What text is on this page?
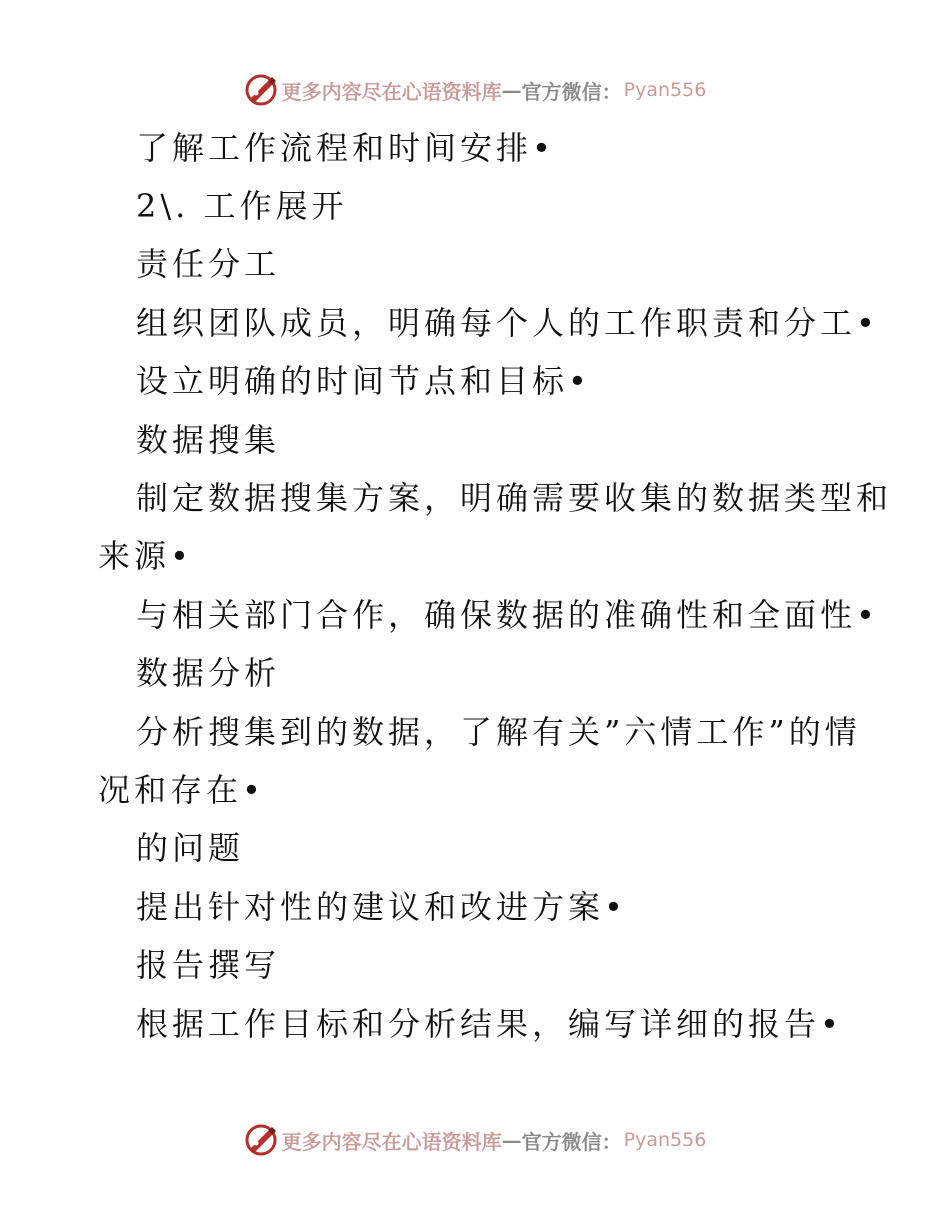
更多内容尽在心语资料库 — 官方微信： Pyan556
了解工作流程和时间安排•
2\. 工作展开
责任分工
组织团队成员，明确每个人的工作职责和分工•
设立明确的时间节点和目标•
数据搜集
制定数据搜集方案，明确需要收集的数据类型和
来源•
与相关部门合作，确保数据的准确性和全面性•
数据分析
分析搜集到的数据，了解有关”六情工作”的情
况和存在•
的问题
提出针对性的建议和改进方案•
报告撰写
根据工作目标和分析结果，编写详细的报告•
更多内容尽在心语资料库 — 官方微信： Pyan556
